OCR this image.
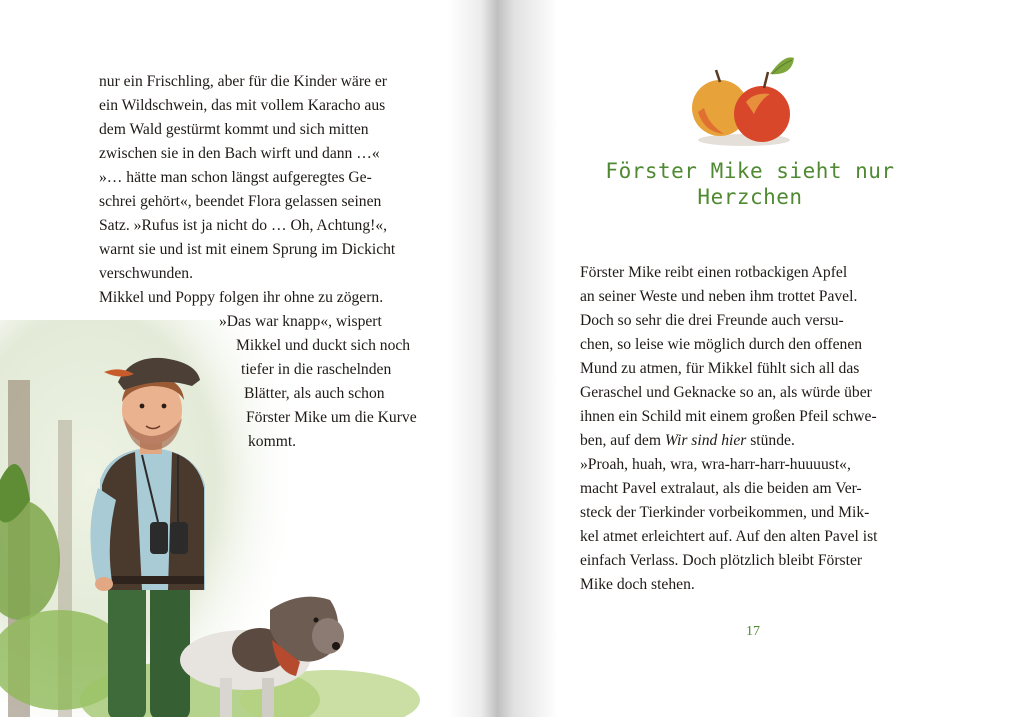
nur ein Frischling, aber für die Kinder wäre er
ein Wildschwein, das mit vollem Karacho aus
dem Wald gestürmt kommt und sich mitten
zwischen sie in den Bach wirft und dann …«
»… hätte man schon längst aufgeregtes Ge-
schrei gehört«, beendet Flora gelassen seinen
Satz. »Rufus ist ja nicht do … Oh, Achtung!«,
warnt sie und ist mit einem Sprung im Dickicht
verschwunden.
Mikkel und Poppy folgen ihr ohne zu zögern.
»Das war knapp«, wispert
Mikkel und duckt sich noch
tiefer in die raschelnden
Blätter, als auch schon
Förster Mike um die Kurve
kommt.
Förster Mike sieht nur
Herzchen
Förster Mike reibt einen rotbackigen Apfel
an seiner Weste und neben ihm trottet Pavel.
Doch so sehr die drei Freunde auch versu-
chen, so leise wie möglich durch den offenen
Mund zu atmen, für Mikkel fühlt sich all das
Geraschel und Geknacke so an, als würde über
ihnen ein Schild mit einem großen Pfeil schwe-
ben, auf dem Wir sind hier stünde.
»Proah, huah, wra, wra-harr-harr-huuuust«,
macht Pavel extralaut, als die beiden am Ver-
steck der Tierkinder vorbeikommen, und Mik-
kel atmet erleichtert auf. Auf den alten Pavel ist
einfach Verlass. Doch plötzlich bleibt Förster
Mike doch stehen.
17
